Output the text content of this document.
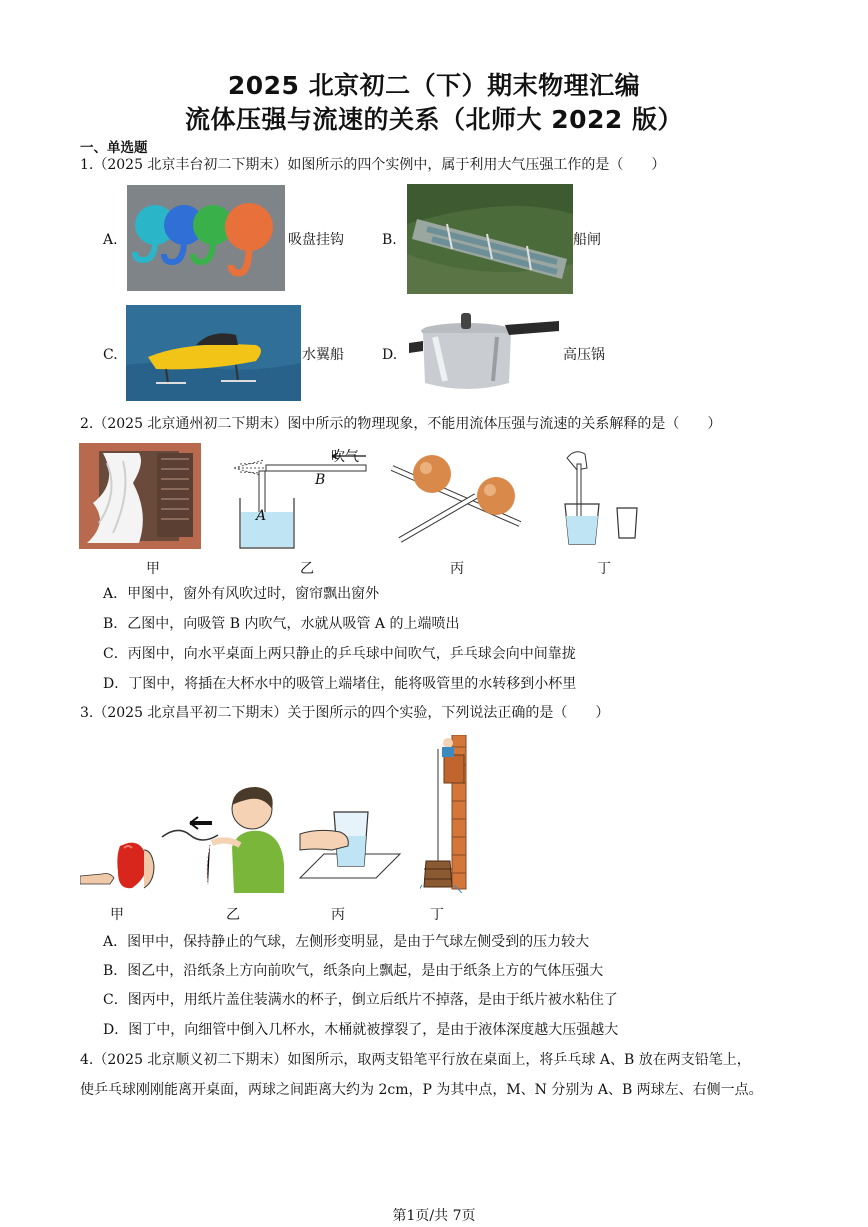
2025 北京初二（下）期末物理汇编
流体压强与流速的关系（北师大 2022 版）
一、单选题
1.（2025 北京丰台初二下期末）如图所示的四个实例中，属于利用大气压强工作的是（　　）
A.	吸盘挂钩	B.	船闸
C.	水翼船	D.	高压锅
2.（2025 北京通州初二下期末）图中所示的物理现象，不能用流体压强与流速的关系解释的是（　　）
吹气
B
A
甲	乙	丙	丁
A．甲图中，窗外有风吹过时，窗帘飘出窗外
B．乙图中，向吸管 B 内吹气，水就从吸管 A 的上端喷出
C．丙图中，向水平桌面上两只静止的乒乓球中间吹气，乒乓球会向中间靠拢
D．丁图中，将插在大杯水中的吸管上端堵住，能将吸管里的水转移到小杯里
3.（2025 北京昌平初二下期末）关于图所示的四个实验，下列说法正确的是（　　）
甲	乙	丙	丁
A．图甲中，保持静止的气球，左侧形变明显，是由于气球左侧受到的压力较大
B．图乙中，沿纸条上方向前吹气，纸条向上飘起，是由于纸条上方的气体压强大
C．图丙中，用纸片盖住装满水的杯子，倒立后纸片不掉落，是由于纸片被水粘住了
D．图丁中，向细管中倒入几杯水，木桶就被撑裂了，是由于液体深度越大压强越大
4.（2025 北京顺义初二下期末）如图所示，取两支铅笔平行放在桌面上，将乒乓球 A、B 放在两支铅笔上，
使乒乓球刚刚能离开桌面，两球之间距离大约为 2cm，P 为其中点，M、N 分别为 A、B 两球左、右侧一点。
第1页/共 7页
